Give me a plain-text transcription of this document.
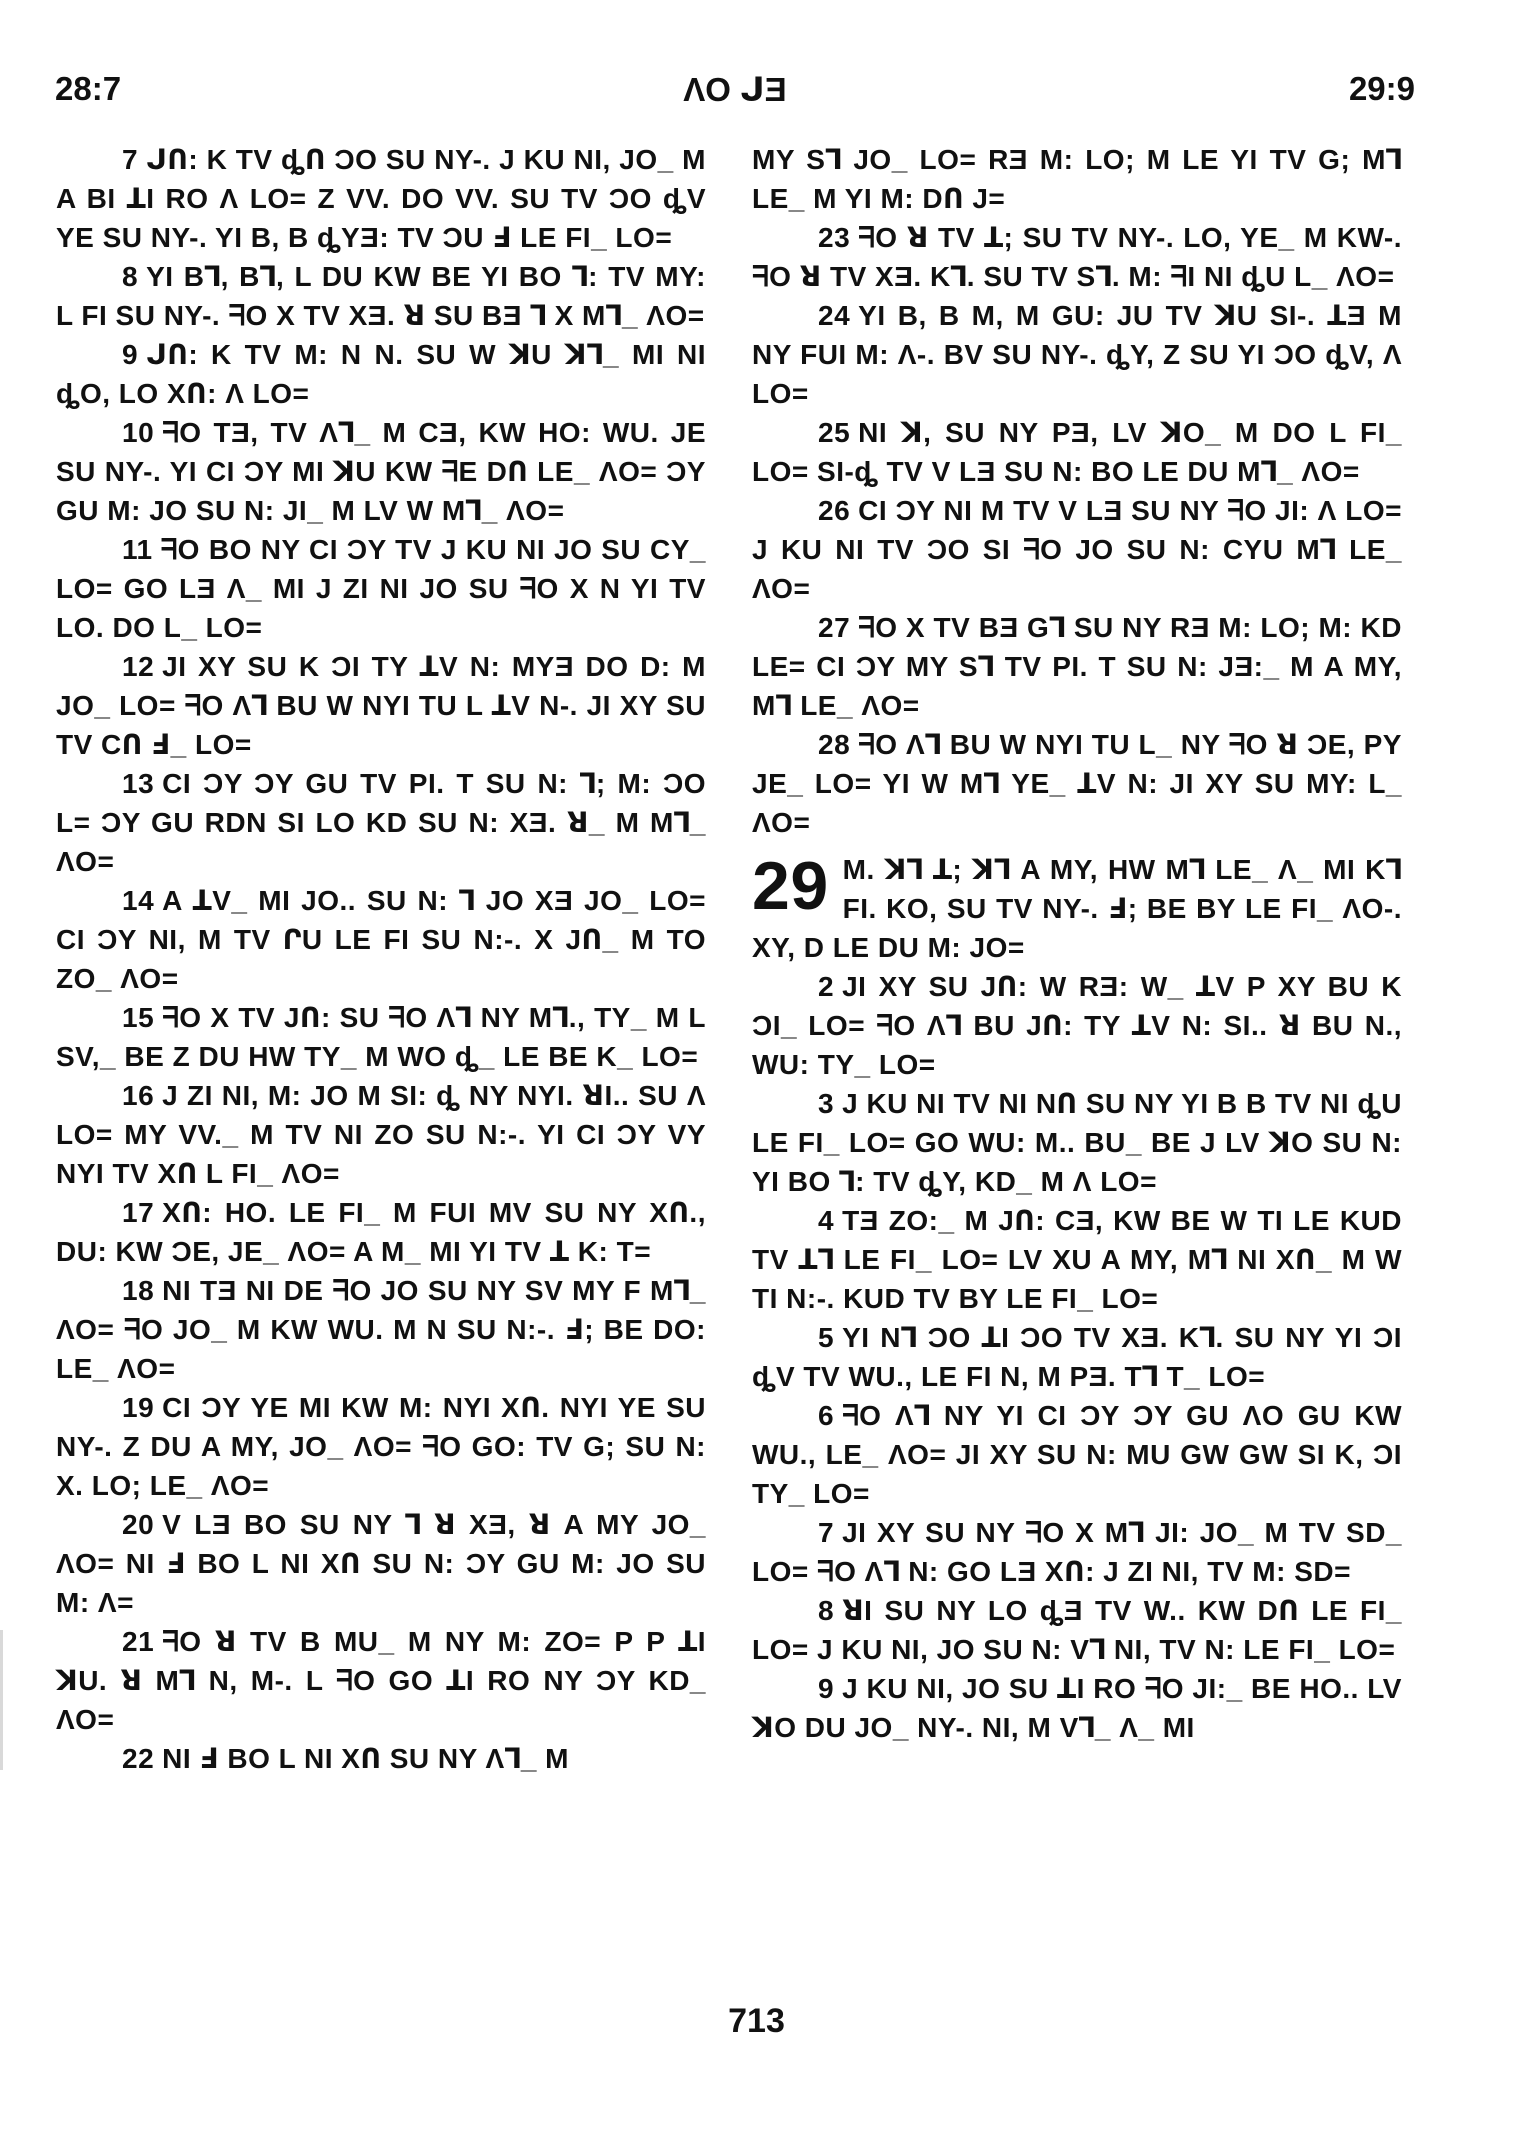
28:7	ɅO ᒍƎ	29:9

7 ᒍՈ: K TV ȡՈ ƆO SU NY-. J KU NI, JO_ M A BI ꓕI RO Ʌ LO= Z VV. DO VV. SU TV ƆO ȡV YE SU NY-. YI B, B ȡYƎ: TV ƆU Ⅎ LE FI_ LO=

8 YI Bꓶ, Bꓶ, L DU KW BE YI BO ꓶ: TV MY: L FI SU NY-. ᖷO X TV XƎ. ꓤ SU BƎ ꓶ X Mꓶ_ ɅO=

9 ᒍՈ: K TV M: N N. SU W ꓘU ꓘꓶ_ MI NI ȡO, LO XՈ: Ʌ LO=

10 ᖷO TƎ, TV Ʌꓶ_ M CƎ, KW HO: WU. JE SU NY-. YI CI ƆY MI ꓘU KW ᖷE DՈ LE_ ɅO= ƆY GU M: JO SU N: JI_ M LV W Mꓶ_ ɅO=

11 ᖷO BO NY CI ƆY TV J KU NI JO SU CY_ LO= GO LƎ Ʌ_ MI J ZI NI JO SU ᖷO X N YI TV LO. DO L_ LO=

12 JI XY SU K ƆI TY ꓕV N: MYƎ DO D: M JO_ LO= ᖷO Ʌꓶ BU W NYI TU L ꓕV N-. JI XY SU TV CՈ Ⅎ_ LO=

13 CI ƆY ƆY GU TV PI. T SU N: ꓶ; M: ƆO L= ƆY GU RDN SI LO KD SU N: XƎ. ꓤ_ M Mꓶ_ ɅO=

14 A ꓕV_ MI JO.. SU N: ꓶ JO XƎ JO_ LO= CI ƆY NI, M TV ՐU LE FI SU N:-. X JՈ_ M TO ZO_ ɅO=

15 ᖷO X TV JՈ: SU ᖷO Ʌꓶ NY Mꓶ., TY_ M L SV,_ BE Z DU HW TY_ M WO ȡ_ LE BE K_ LO=

16 J ZI NI, M: JO M SI: ȡ NY NYI. ꓤI.. SU Ʌ LO= MY VV._ M TV NI ZO SU N:-. YI CI ƆY VY NYI TV XՈ L FI_ ɅO=

17 XՈ: HO. LE FI_ M FUI MV SU NY XՈ., DU: KW ƆE, JE_ ɅO= A M_ MI YI TV ꓕ K: T=

18 NI TƎ NI DE ᖷO JO SU NY SV MY F Mꓶ_ ɅO= ᖷO JO_ M KW WU. M N SU N:-. Ⅎ; BE DO: LE_ ɅO=

19 CI ƆY YE MI KW M: NYI XՈ. NYI YE SU NY-. Z DU A MY, JO_ ɅO= ᖷO GO: TV G; SU N: X. LO; LE_ ɅO=

20 V LƎ BO SU NY ꓶ ꓤ XƎ, ꓤ A MY JO_ ɅO= NI Ⅎ BO L NI XՈ SU N: ƆY GU M: JO SU M: Ʌ=

21 ᖷO ꓤ TV B MU_ M NY M: ZO= P P ꓕI ꓘU. ꓤ Mꓶ N, M-. L ᖷO GO ꓕI RO NY ƆY KD_ ɅO=

22 NI Ⅎ BO L NI XՈ SU NY Ʌꓶ_ M

MY Sꓶ JO_ LO= RƎ M: LO; M LE YI TV G; Mꓶ LE_ M YI M: DՈ J=

23 ᖷO ꓤ TV ꓕ; SU TV NY-. LO, YE_ M KW-. ᖷO ꓤ TV XƎ. Kꓶ. SU TV Sꓶ. M: ᖷI NI ȡU L_ ɅO=

24 YI B, B M, M GU: JU TV ꓘU SI-. ꓕƎ M NY FUI M: Ʌ-. BV SU NY-. ȡY, Z SU YI ƆO ȡV, Ʌ LO=

25 NI ꓘ, SU NY PƎ, LV ꓘO_ M DO L FI_ LO= SI-ȡ TV V LƎ SU N: BO LE DU Mꓶ_ ɅO=

26 CI ƆY NI M TV V LƎ SU NY ᖷO JI: Ʌ LO= J KU NI TV ƆO SI ᖷO JO SU N: CYU Mꓶ LE_ ɅO=

27 ᖷO X TV BƎ Gꓶ SU NY RƎ M: LO; M: KD LE= CI ƆY MY Sꓶ TV PI. T SU N: JƎ:_ M A MY, Mꓶ LE_ ɅO=

28 ᖷO Ʌꓶ BU W NYI TU L_ NY ᖷO ꓤ ƆE, PY JE_ LO= YI W Mꓶ YE_ ꓕV N: JI XY SU MY: L_ ɅO=

29 M. ꓘꓶ ꓕ; ꓘꓶ A MY, HW Mꓶ LE_ Ʌ_ MI Kꓶ FI. KO, SU TV NY-. Ⅎ; BE BY LE FI_ ɅO-. XY, D LE DU M: JO=

2 JI XY SU JՈ: W RƎ: W_ ꓕV P XY BU K ƆI_ LO= ᖷO Ʌꓶ BU JՈ: TY ꓕV N: SI.. ꓤ BU N., WU: TY_ LO=

3 J KU NI TV NI NՈ SU NY YI B B TV NI ȡU LE FI_ LO= GO WU: M.. BU_ BE J LV ꓘO SU N: YI BO ꓶ: TV ȡY, KD_ M Ʌ LO=

4 TƎ ZO:_ M JՈ: CƎ, KW BE W TI LE KUD TV ꓕꓶ LE FI_ LO= LV XU A MY, Mꓶ NI XՈ_ M W TI N:-. KUD TV BY LE FI_ LO=

5 YI Nꓶ ƆO ꓕI ƆO TV XƎ. Kꓶ. SU NY YI ƆI ȡV TV WU., LE FI N, M PƎ. Tꓶ T_ LO=

6 ᖷO Ʌꓶ NY YI CI ƆY ƆY GU ɅO GU KW WU., LE_ ɅO= JI XY SU N: MU GW GW SI K, ƆI TY_ LO=

7 JI XY SU NY ᖷO X Mꓶ JI: JO_ M TV SD_ LO= ᖷO Ʌꓶ N: GO LƎ XՈ: J ZI NI, TV M: SD=

8 ꓤI SU NY LO ȡƎ TV W.. KW DՈ LE FI_ LO= J KU NI, JO SU N: Vꓶ NI, TV N: LE FI_ LO=

9 J KU NI, JO SU ꓕI RO ᖷO JI:_ BE HO.. LV ꓘO DU JO_ NY-. NI, M Vꓶ_ Ʌ_ MI

713
